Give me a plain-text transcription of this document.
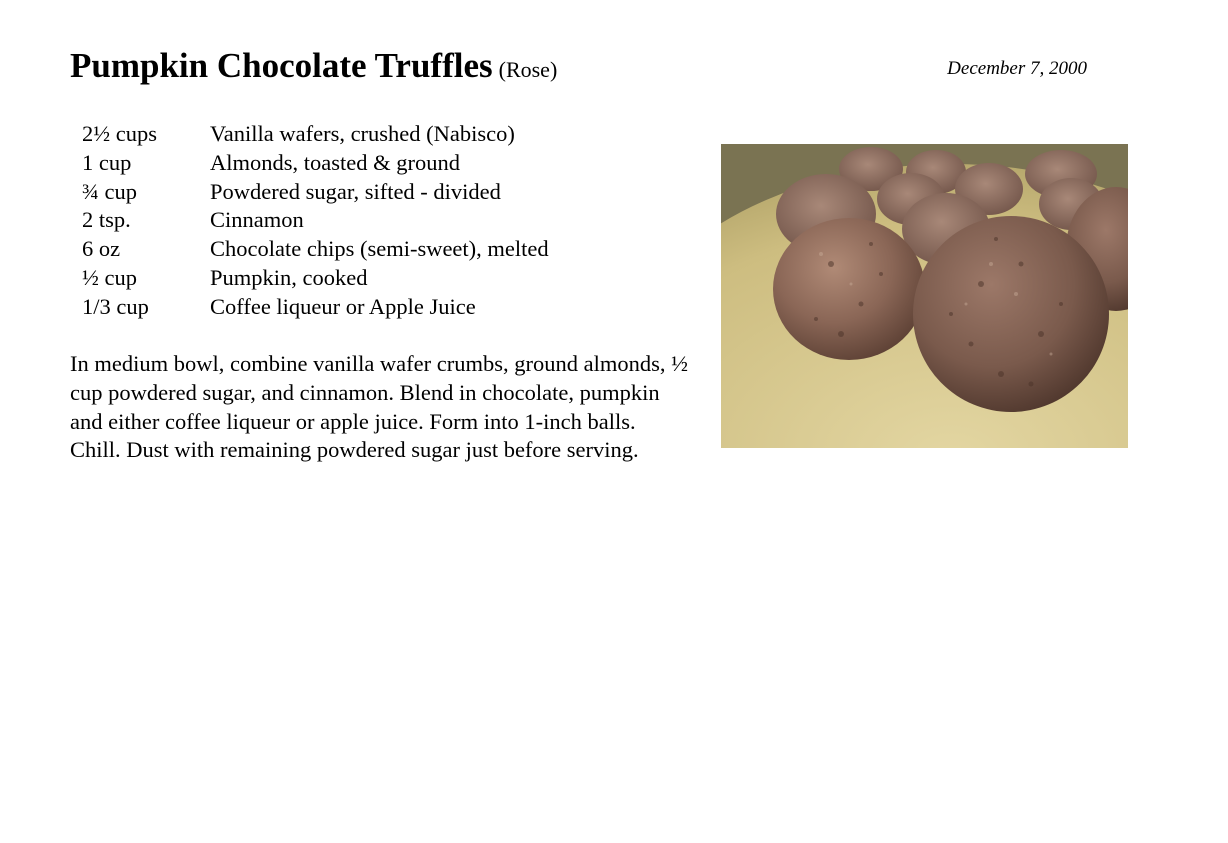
Pumpkin Chocolate Truffles (Rose)	December 7, 2000
2½ cups	Vanilla wafers, crushed (Nabisco)
1 cup	Almonds, toasted & ground
¾ cup	Powdered sugar, sifted - divided
2 tsp.	Cinnamon
6 oz	Chocolate chips (semi-sweet), melted
½ cup	Pumpkin, cooked
1/3 cup	Coffee liqueur or Apple Juice

In medium bowl, combine vanilla wafer crumbs, ground almonds, ½ cup powdered sugar, and cinnamon. Blend in chocolate, pumpkin and either coffee liqueur or apple juice. Form into 1-inch balls. Chill. Dust with remaining powdered sugar just before serving.
